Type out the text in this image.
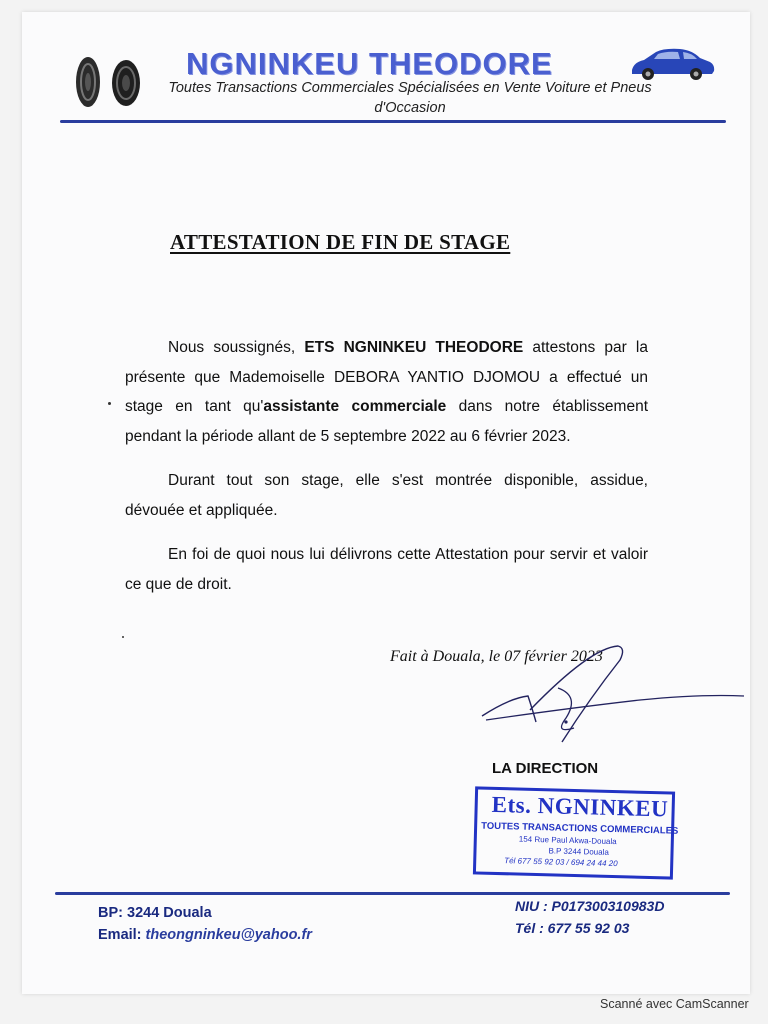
NGNINKEU THEODORE
Toutes Transactions Commerciales Spécialisées en Vente Voiture et Pneus d'Occasion
ATTESTATION DE FIN DE STAGE

Nous soussignés, ETS NGNINKEU THEODORE attestons par la présente que Mademoiselle DEBORA YANTIO DJOMOU a effectué un stage en tant qu'assistante commerciale dans notre établissement pendant la période allant de 5 septembre 2022 au 6 février 2023.

Durant tout son stage, elle s'est montrée disponible, assidue, dévouée et appliquée.

En foi de quoi nous lui délivrons cette Attestation pour servir et valoir ce que de droit.

Fait à Douala, le 07 février 2023
LA DIRECTION
Ets. NGNINKEU
TOUTES TRANSACTIONS COMMERCIALES
154 Rue Paul Akwa-Douala
B.P 3244 Douala
Tél 677 55 92 03 / 694 24 44 20
BP: 3244 Douala
Email: theongninkeu@yahoo.fr
NIU : P017300310983D
Tél : 677 55 92 03
Scanné avec CamScanner
